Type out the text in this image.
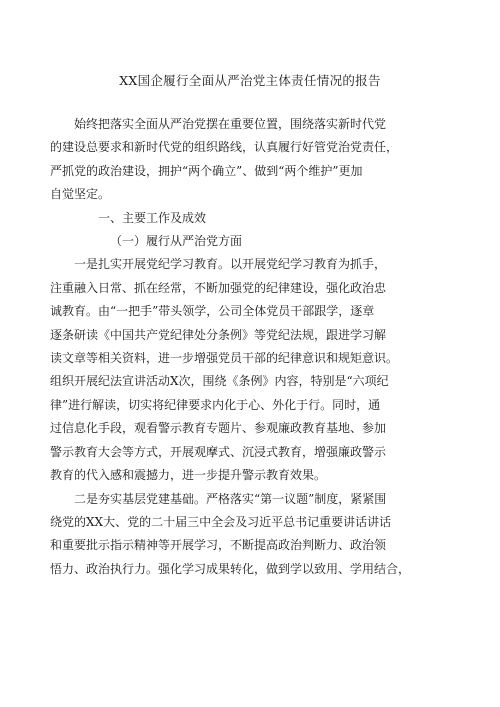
XX国企履行全面从严治党主体责任情况的报告

始终把落实全面从严治党摆在重要位置，围绕落实新时代党
的建设总要求和新时代党的组织路线，认真履行好管党治党责任，
严抓党的政治建设，拥护“两个确立”、做到“两个维护”更加
自觉坚定。

一、主要工作及成效
（一）履行从严治党方面

一是扎实开展党纪学习教育。以开展党纪学习教育为抓手，
注重融入日常、抓在经常，不断加强党的纪律建设，强化政治忠
诚教育。由“一把手”带头领学，公司全体党员干部跟学，逐章
逐条研读《中国共产党纪律处分条例》等党纪法规，跟进学习解
读文章等相关资料，进一步增强党员干部的纪律意识和规矩意识。
组织开展纪法宣讲活动X次，围绕《条例》内容，特别是“六项纪
律”进行解读，切实将纪律要求内化于心、外化于行。同时，通
过信息化手段，观看警示教育专题片、参观廉政教育基地、参加
警示教育大会等方式，开展观摩式、沉浸式教育，增强廉政警示
教育的代入感和震撼力，进一步提升警示教育效果。

二是夯实基层党建基础。严格落实“第一议题”制度，紧紧围
绕党的XX大、党的二十届三中全会及习近平总书记重要讲话讲话
和重要批示指示精神等开展学习，不断提高政治判断力、政治领
悟力、政治执行力。强化学习成果转化，做到学以致用、学用结合，
